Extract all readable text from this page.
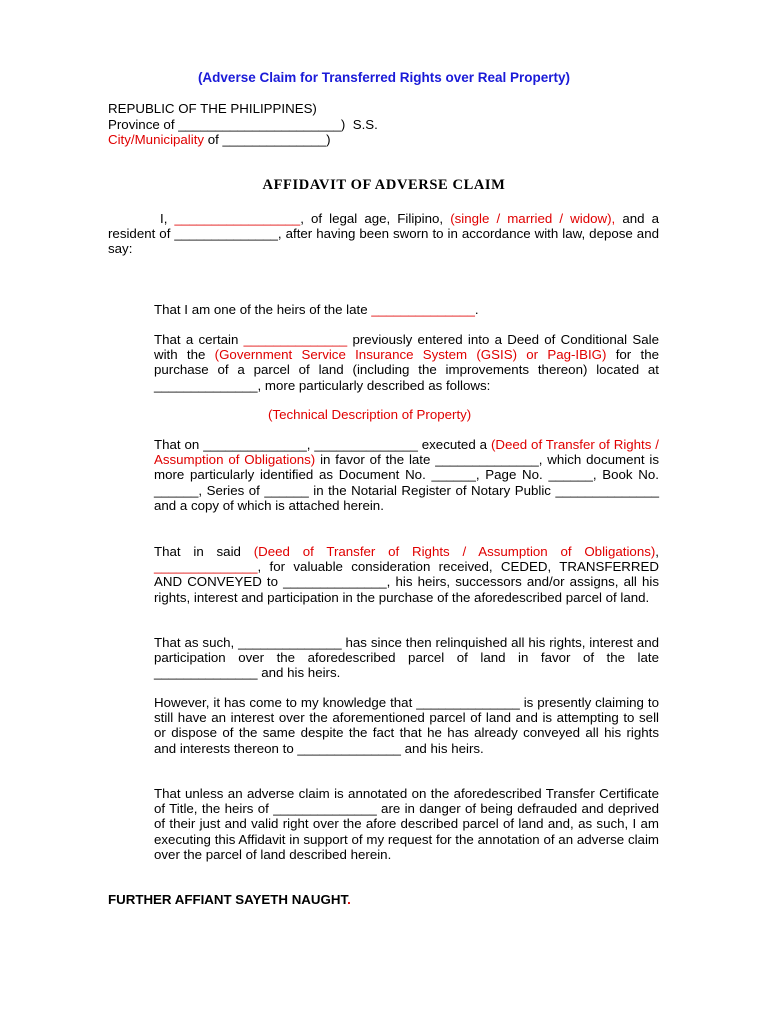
(Adverse Claim for Transferred Rights over Real Property)
REPUBLIC OF THE PHILIPPINES)
Province of ______________________)  S.S.
City/Municipality of ______________)
AFFIDAVIT OF ADVERSE CLAIM
I, _________________, of legal age, Filipino, (single / married / widow), and a resident of ______________, after having been sworn to in accordance with law, depose and say:
That I am one of the heirs of the late ______________.
That a certain ______________ previously entered into a Deed of Conditional Sale with the (Government Service Insurance System (GSIS) or Pag-IBIG) for the purchase of a parcel of land (including the improvements thereon) located at ______________, more particularly described as follows:
(Technical Description of Property)
That on ______________, ______________ executed a (Deed of Transfer of Rights / Assumption of Obligations) in favor of the late ______________, which document is more particularly identified as Document No. ______, Page No. ______, Book No. ______, Series of ______ in the Notarial Register of Notary Public ______________ and a copy of which is attached herein.
That in said (Deed of Transfer of Rights / Assumption of Obligations), ______________, for valuable consideration received, CEDED, TRANSFERRED AND CONVEYED to ______________, his heirs, successors and/or assigns, all his rights, interest and participation in the purchase of the aforedescribed parcel of land.
That as such, ______________ has since then relinquished all his rights, interest and participation over the aforedescribed parcel of land in favor of the late ______________ and his heirs.
However, it has come to my knowledge that ______________ is presently claiming to still have an interest over the aforementioned parcel of land and is attempting to sell or dispose of the same despite the fact that he has already conveyed all his rights and interests thereon to ______________ and his heirs.
That unless an adverse claim is annotated on the aforedescribed Transfer Certificate of Title, the heirs of ______________ are in danger of being defrauded and deprived of their just and valid right over the afore described parcel of land and, as such, I am executing this Affidavit in support of my request for the annotation of an adverse claim over the parcel of land described herein.
FURTHER AFFIANT SAYETH NAUGHT.
